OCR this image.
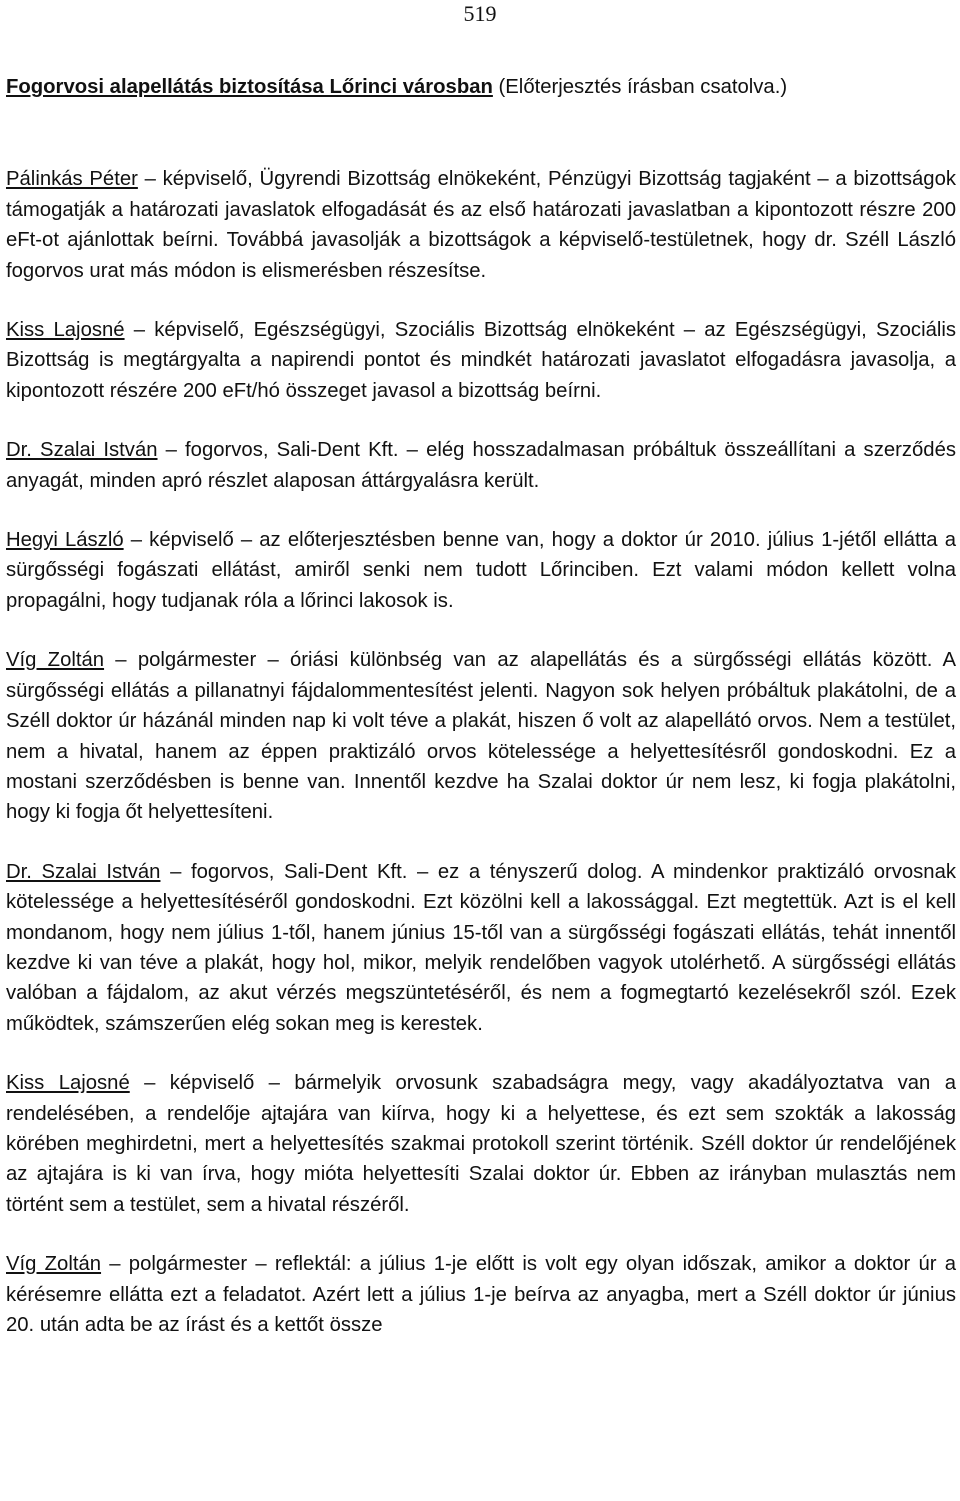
519

Fogorvosi alapellátás biztosítása Lőrinci városban (Előterjesztés írásban csatolva.)

Pálinkás Péter – képviselő, Ügyrendi Bizottság elnökeként, Pénzügyi Bizottság tagjaként – a bizottságok támogatják a határozati javaslatok elfogadását és az első határozati javaslatban a kipontozott részre 200 eFt-ot ajánlottak beírni. Továbbá javasolják a bizottságok a képviselő-testületnek, hogy dr. Széll László fogorvos urat más módon is elismerésben részesítse.

Kiss Lajosné – képviselő, Egészségügyi, Szociális Bizottság elnökeként – az Egészségügyi, Szociális Bizottság is megtárgyalta a napirendi pontot és mindkét határozati javaslatot elfogadásra javasolja, a kipontozott részére 200 eFt/hó összeget javasol a bizottság beírni.

Dr. Szalai István – fogorvos, Sali-Dent Kft. – elég hosszadalmasan próbáltuk összeállítani a szerződés anyagát, minden apró részlet alaposan áttárgyalásra került.

Hegyi László – képviselő – az előterjesztésben benne van, hogy a doktor úr 2010. július 1-jétől ellátta a sürgősségi fogászati ellátást, amiről senki nem tudott Lőrinciben. Ezt valami módon kellett volna propagálni, hogy tudjanak róla a lőrinci lakosok is.

Víg Zoltán – polgármester – óriási különbség van az alapellátás és a sürgősségi ellátás között. A sürgősségi ellátás a pillanatnyi fájdalommentesítést jelenti. Nagyon sok helyen próbáltuk plakátolni, de a Széll doktor úr házánál minden nap ki volt téve a plakát, hiszen ő volt az alapellátó orvos. Nem a testület, nem a hivatal, hanem az éppen praktizáló orvos kötelessége a helyettesítésről gondoskodni. Ez a mostani szerződésben is benne van. Innentől kezdve ha Szalai doktor úr nem lesz, ki fogja plakátolni, hogy ki fogja őt helyettesíteni.

Dr. Szalai István – fogorvos, Sali-Dent Kft. – ez a tényszerű dolog. A mindenkor praktizáló orvosnak kötelessége a helyettesítéséről gondoskodni. Ezt közölni kell a lakossággal. Ezt megtettük. Azt is el kell mondanom, hogy nem július 1-től, hanem június 15-től van a sürgősségi fogászati ellátás, tehát innentől kezdve ki van téve a plakát, hogy hol, mikor, melyik rendelőben vagyok utolérhető. A sürgősségi ellátás valóban a fájdalom, az akut vérzés megszüntetéséről, és nem a fogmegtartó kezelésekről szól. Ezek működtek, számszerűen elég sokan meg is kerestek.

Kiss Lajosné – képviselő – bármelyik orvosunk szabadságra megy, vagy akadályoztatva van a rendelésében, a rendelője ajtajára van kiírva, hogy ki a helyettese, és ezt sem szokták a lakosság körében meghirdetni, mert a helyettesítés szakmai protokoll szerint történik. Széll doktor úr rendelőjének az ajtajára is ki van írva, hogy mióta helyettesíti Szalai doktor úr. Ebben az irányban mulasztás nem történt sem a testület, sem a hivatal részéről.

Víg Zoltán – polgármester – reflektál: a július 1-je előtt is volt egy olyan időszak, amikor a doktor úr a kérésemre ellátta ezt a feladatot. Azért lett a július 1-je beírva az anyagba, mert a Széll doktor úr június 20. után adta be az írást és a kettőt össze
